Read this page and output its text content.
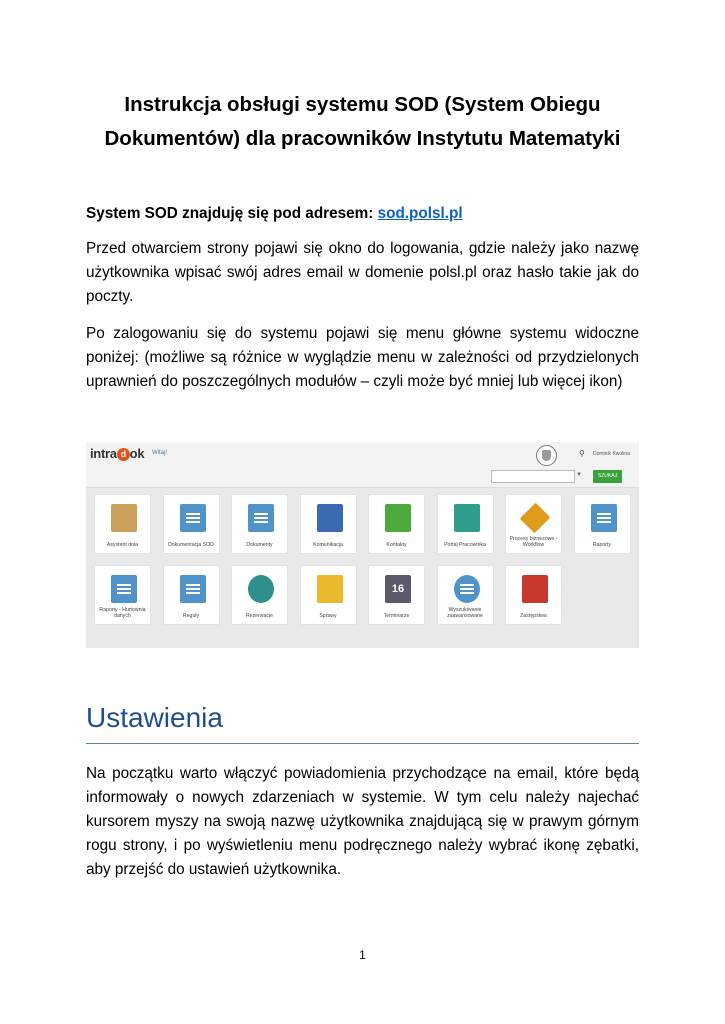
Instrukcja obsługi systemu SOD (System Obiegu
Dokumentów) dla pracowników Instytutu Matematyki
System SOD znajduję się pod adresem: sod.polsl.pl
Przed otwarciem strony pojawi się okno do logowania, gdzie należy jako nazwę użytkownika wpisać swój adres email w domenie polsl.pl oraz hasło takie jak do poczty.
Po zalogowaniu się do systemu pojawi się menu główne systemu widoczne poniżej: (możliwe są różnice w wyglądzie menu w zależności od przydzielonych uprawnień do poszczególnych modułów – czyli może być mniej lub więcej ikon)
intra d ok Witaj!	⚲ Dominik Kwolina
▼	SZUKAJ
Asystent dnia	Dokumentacja SOD	Dokumenty	Komunikacja	Kontakty	Portal Pracownika
Procesy biznesowe - Workflow	Raporty
Raporty - Hurtownia danych	Reguły	Rezerwacje	Sprawy
16
Terminarze
Wyszukiwanie zaawansowane	Zastępstwa
Ustawienia
Na początku warto włączyć powiadomienia przychodzące na email, które będą informowały o nowych zdarzeniach w systemie. W tym celu należy najechać kursorem myszy na swoją nazwę użytkownika znajdującą się w prawym górnym rogu strony, i po wyświetleniu menu podręcznego należy wybrać ikonę zębatki, aby przejść do ustawień użytkownika.
1
